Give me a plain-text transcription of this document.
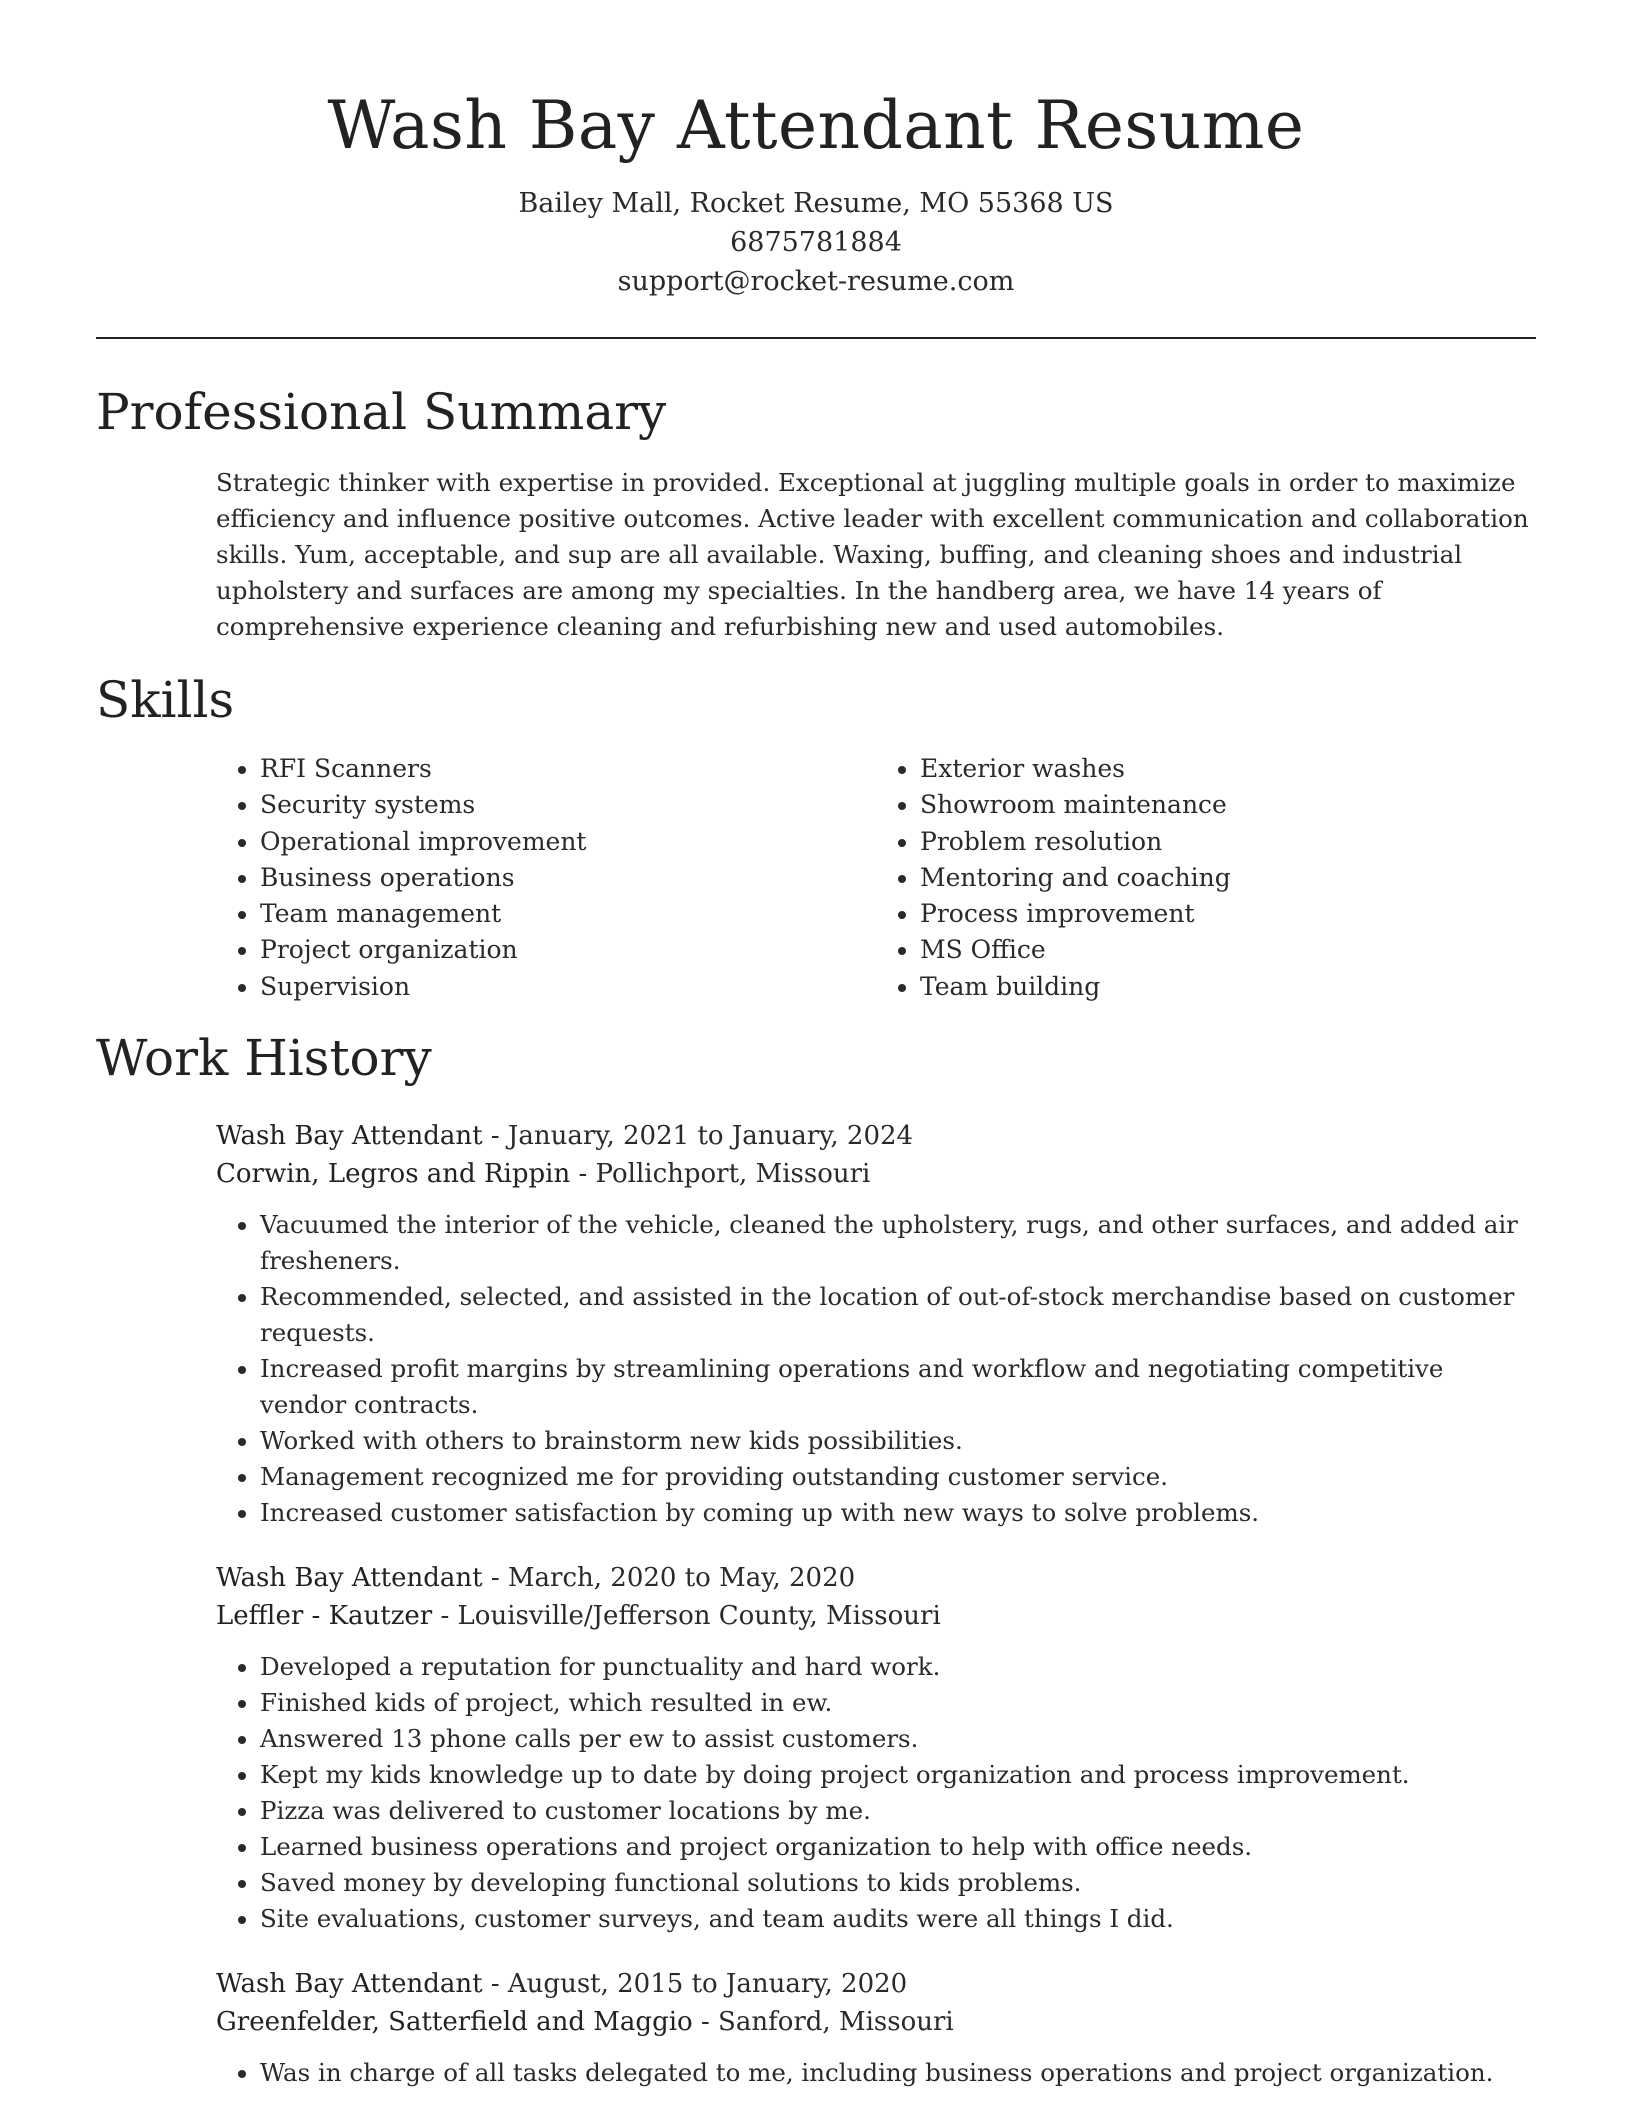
Wash Bay Attendant Resume
Bailey Mall, Rocket Resume, MO 55368 US
6875781884
support@rocket-resume.com
Professional Summary

Strategic thinker with expertise in provided. Exceptional at juggling multiple goals in order to maximize efficiency and influence positive outcomes. Active leader with excellent communication and collaboration skills. Yum, acceptable, and sup are all available. Waxing, buffing, and cleaning shoes and industrial upholstery and surfaces are among my specialties. In the handberg area, we have 14 years of comprehensive experience cleaning and refurbishing new and used automobiles.

Skills
• RFI Scanners
• Security systems
• Operational improvement
• Business operations
• Team management
• Project organization
• Supervision
• Exterior washes
• Showroom maintenance
• Problem resolution
• Mentoring and coaching
• Process improvement
• MS Office
• Team building
Work History
Wash Bay Attendant - January, 2021 to January, 2024
Corwin, Legros and Rippin - Pollichport, Missouri
• Vacuumed the interior of the vehicle, cleaned the upholstery, rugs, and other surfaces, and added air fresheners.
• Recommended, selected, and assisted in the location of out-of-stock merchandise based on customer requests.
• Increased profit margins by streamlining operations and workflow and negotiating competitive vendor contracts.
• Worked with others to brainstorm new kids possibilities.
• Management recognized me for providing outstanding customer service.
• Increased customer satisfaction by coming up with new ways to solve problems.
Wash Bay Attendant - March, 2020 to May, 2020
Leffler - Kautzer - Louisville/Jefferson County, Missouri
• Developed a reputation for punctuality and hard work.
• Finished kids of project, which resulted in ew.
• Answered 13 phone calls per ew to assist customers.
• Kept my kids knowledge up to date by doing project organization and process improvement.
• Pizza was delivered to customer locations by me.
• Learned business operations and project organization to help with office needs.
• Saved money by developing functional solutions to kids problems.
• Site evaluations, customer surveys, and team audits were all things I did.
Wash Bay Attendant - August, 2015 to January, 2020
Greenfelder, Satterfield and Maggio - Sanford, Missouri
• Was in charge of all tasks delegated to me, including business operations and project organization.
